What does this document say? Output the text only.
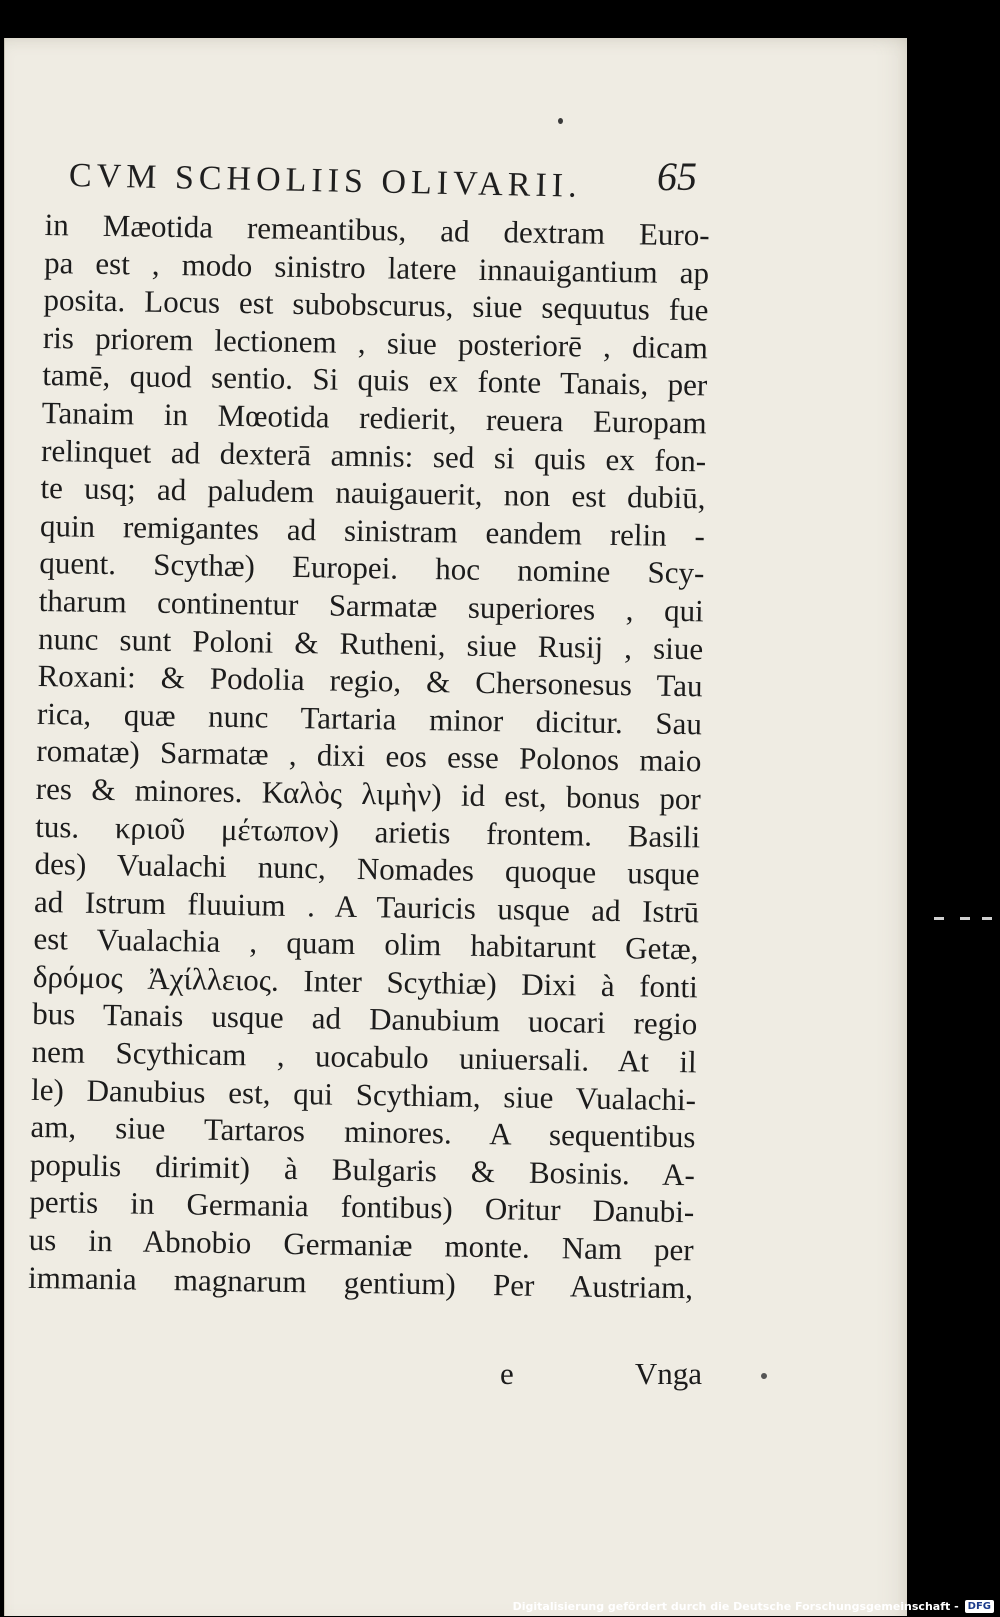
CVM SCHOLIIS OLIVARII. 65
in Mæotida remeantibus, ad dextram Euro-
pa est , modo sinistro latere innauigantium ap
posita. Locus est subobscurus, siue sequutus fue
ris priorem lectionem , siue posteriorē , dicam
tamē, quod sentio. Si quis ex fonte Tanais, per
Tanaim in Mœotida redierit, reuera Europam
relinquet ad dexterā amnis: sed si quis ex fon-
te usq; ad paludem nauigauerit, non est dubiū,
quin remigantes ad sinistram eandem relin -
quent. Scythæ) Europei. hoc nomine Scy-
tharum continentur Sarmatæ superiores , qui
nunc sunt Poloni & Rutheni, siue Rusij , siue
Roxani: & Podolia regio, & Chersonesus Tau
rica, quæ nunc Tartaria minor dicitur. Sau
romatæ) Sarmatæ , dixi eos esse Polonos maio
res & minores. Καλὸς λιμὴν) id est, bonus por
tus. κριοῦ μέτωπον) arietis frontem. Basili
des) Vualachi nunc, Nomades quoque usque
ad Istrum fluuium . A Tauricis usque ad Istrū
est Vualachia , quam olim habitarunt Getæ,
δρόμος Ἀχίλλειος. Inter Scythiæ) Dixi à fonti
bus Tanais usque ad Danubium uocari regio
nem Scythicam , uocabulo uniuersali. At il
le) Danubius est, qui Scythiam, siue Vualachi-
am, siue Tartaros minores. A sequentibus
populis dirimit) à Bulgaris & Bosinis. A-
pertis in Germania fontibus) Oritur Danubi-
us in Abnobio Germaniæ monte. Nam per
immania magnarum gentium) Per Austriam,
e	Vnga
Digitalisierung gefördert durch die Deutsche Forschungsgemeinschaft - DFG
